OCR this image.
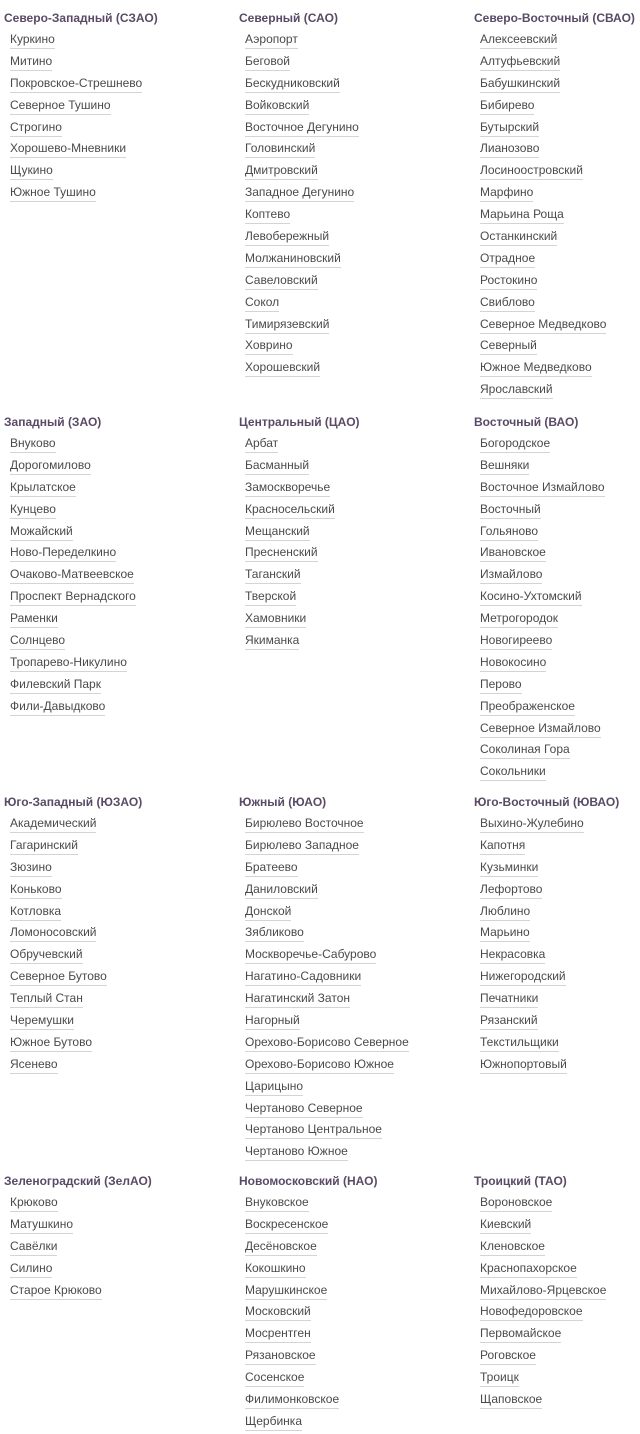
Северо-Западный (СЗАО)
Куркино
Митино
Покровское-Стрешнево
Северное Тушино
Строгино
Хорошево-Мневники
Щукино
Южное Тушино
Северный (САО)
Аэропорт
Беговой
Бескудниковский
Войковский
Восточное Дегунино
Головинский
Дмитровский
Западное Дегунино
Коптево
Левобережный
Молжаниновский
Савеловский
Сокол
Тимирязевский
Ховрино
Хорошевский
Северо-Восточный (СВАО)
Алексеевский
Алтуфьевский
Бабушкинский
Бибирево
Бутырский
Лианозово
Лосиноостровский
Марфино
Марьина Роща
Останкинский
Отрадное
Ростокино
Свиблово
Северное Медведково
Северный
Южное Медведково
Ярославский
Западный (ЗАО)
Внуково
Дорогомилово
Крылатское
Кунцево
Можайский
Ново-Переделкино
Очаково-Матвеевское
Проспект Вернадского
Раменки
Солнцево
Тропарево-Никулино
Филевский Парк
Фили-Давыдково
Центральный (ЦАО)
Арбат
Басманный
Замоскворечье
Красносельский
Мещанский
Пресненский
Таганский
Тверской
Хамовники
Якиманка
Восточный (ВАО)
Богородское
Вешняки
Восточное Измайлово
Восточный
Гольяново
Ивановское
Измайлово
Косино-Ухтомский
Метрогородок
Новогиреево
Новокосино
Перово
Преображенское
Северное Измайлово
Соколиная Гора
Сокольники
Юго-Западный (ЮЗАО)
Академический
Гагаринский
Зюзино
Коньково
Котловка
Ломоносовский
Обручевский
Северное Бутово
Теплый Стан
Черемушки
Южное Бутово
Ясенево
Южный (ЮАО)
Бирюлево Восточное
Бирюлево Западное
Братеево
Даниловский
Донской
Зябликово
Москворечье-Сабурово
Нагатино-Садовники
Нагатинский Затон
Нагорный
Орехово-Борисово Северное
Орехово-Борисово Южное
Царицыно
Чертаново Северное
Чертаново Центральное
Чертаново Южное
Юго-Восточный (ЮВАО)
Выхино-Жулебино
Капотня
Кузьминки
Лефортово
Люблино
Марьино
Некрасовка
Нижегородский
Печатники
Рязанский
Текстильщики
Южнопортовый
Зеленоградский (ЗелАО)
Крюково
Матушкино
Савёлки
Силино
Старое Крюково
Новомосковский (НАО)
Внуковское
Воскресенское
Десёновское
Кокошкино
Марушкинское
Московский
Мосрентген
Рязановское
Сосенское
Филимонковское
Щербинка
Троицкий (ТАО)
Вороновское
Киевский
Кленовское
Краснопахорское
Михайлово-Ярцевское
Новофедоровское
Первомайское
Роговское
Троицк
Щаповское
